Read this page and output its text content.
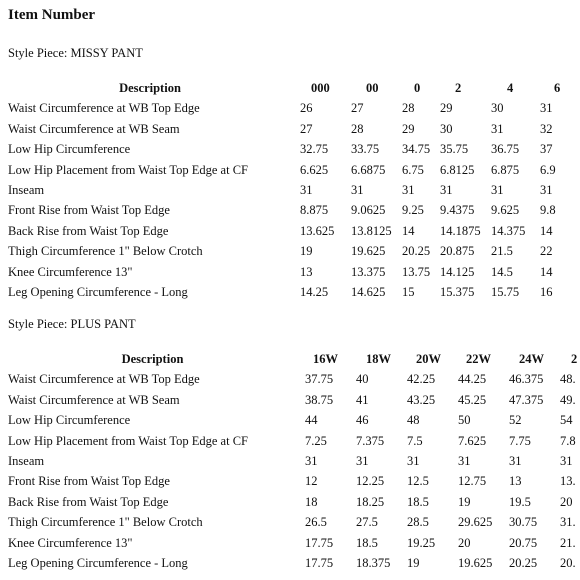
Item Number
Style Piece: MISSY PANT
Description	000	00	0	2	4	6
Waist Circumference at WB Top Edge	26	27	28	29	30	31
Waist Circumference at WB Seam	27	28	29	30	31	32
Low Hip Circumference	32.75	33.75	34.75	35.75	36.75	37
Low Hip Placement from Waist Top Edge at CF	6.625	6.6875	6.75	6.8125	6.875	6.9
Inseam	31	31	31	31	31	31
Front Rise from Waist Top Edge	8.875	9.0625	9.25	9.4375	9.625	9.8
Back Rise from Waist Top Edge	13.625	13.8125	14	14.1875	14.375	14
Thigh Circumference 1" Below Crotch	19	19.625	20.25	20.875	21.5	22
Knee Circumference 13"	13	13.375	13.75	14.125	14.5	14
Leg Opening Circumference - Long	14.25	14.625	15	15.375	15.75	16
Style Piece: PLUS PANT
Description	16W	18W	20W	22W	24W	2
Waist Circumference at WB Top Edge	37.75	40	42.25	44.25	46.375	48.
Waist Circumference at WB Seam	38.75	41	43.25	45.25	47.375	49.
Low Hip Circumference	44	46	48	50	52	54
Low Hip Placement from Waist Top Edge at CF	7.25	7.375	7.5	7.625	7.75	7.8
Inseam	31	31	31	31	31	31
Front Rise from Waist Top Edge	12	12.25	12.5	12.75	13	13.
Back Rise from Waist Top Edge	18	18.25	18.5	19	19.5	20
Thigh Circumference 1" Below Crotch	26.5	27.5	28.5	29.625	30.75	31.
Knee Circumference 13"	17.75	18.5	19.25	20	20.75	21.
Leg Opening Circumference - Long	17.75	18.375	19	19.625	20.25	20.
